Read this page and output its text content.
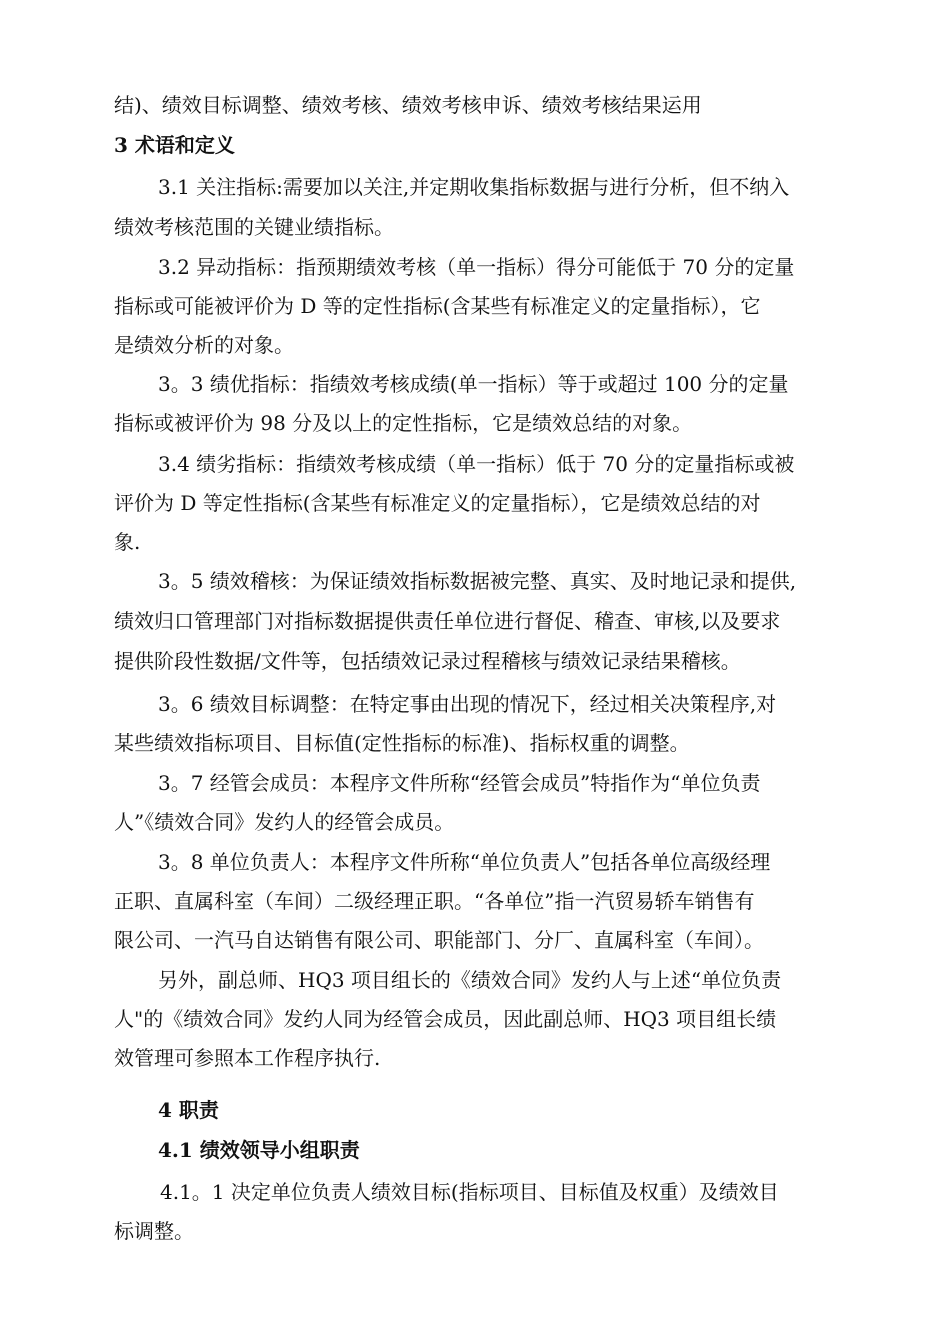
结)、绩效目标调整、绩效考核、绩效考核申诉、绩效考核结果运用
3 术语和定义
3.1 关注指标:需要加以关注,并定期收集指标数据与进行分析，但不纳入
绩效考核范围的关键业绩指标。
3.2 异动指标：指预期绩效考核（单一指标）得分可能低于 70 分的定量
指标或可能被评价为 D 等的定性指标(含某些有标准定义的定量指标），它
是绩效分析的对象。
3。3 绩优指标：指绩效考核成绩(单一指标）等于或超过 100 分的定量
指标或被评价为 98 分及以上的定性指标，它是绩效总结的对象。
3.4 绩劣指标：指绩效考核成绩（单一指标）低于 70 分的定量指标或被
评价为 D 等定性指标(含某些有标准定义的定量指标），它是绩效总结的对
象.
3。5 绩效稽核：为保证绩效指标数据被完整、真实、及时地记录和提供,
绩效归口管理部门对指标数据提供责任单位进行督促、稽查、审核,以及要求
提供阶段性数据/文件等，包括绩效记录过程稽核与绩效记录结果稽核。
3。6 绩效目标调整：在特定事由出现的情况下，经过相关决策程序,对
某些绩效指标项目、目标值(定性指标的标准)、指标权重的调整。
3。7 经管会成员：本程序文件所称“经管会成员”特指作为“单位负责
人”《绩效合同》发约人的经管会成员。
3。8 单位负责人：本程序文件所称“单位负责人”包括各单位高级经理
正职、直属科室（车间）二级经理正职。“各单位”指一汽贸易轿车销售有
限公司、一汽马自达销售有限公司、职能部门、分厂、直属科室（车间）。
另外，副总师、HQ3 项目组长的《绩效合同》发约人与上述“单位负责
人"的《绩效合同》发约人同为经管会成员，因此副总师、HQ3 项目组长绩
效管理可参照本工作程序执行.
4 职责
4.1 绩效领导小组职责
4.1。1 决定单位负责人绩效目标(指标项目、目标值及权重）及绩效目
标调整。
